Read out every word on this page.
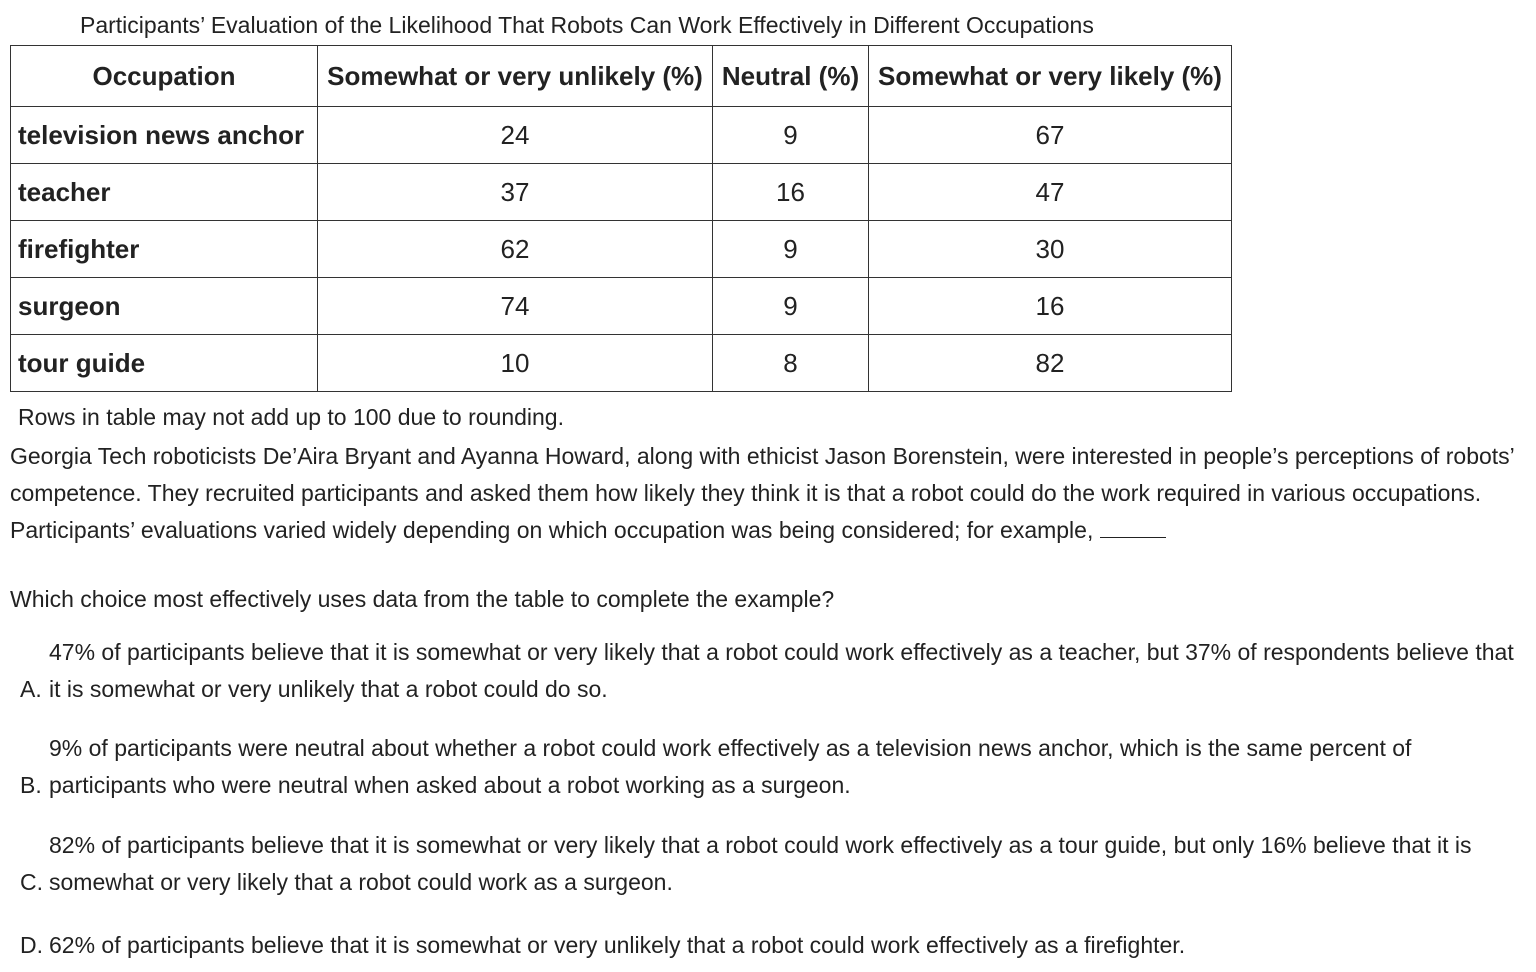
Participants’ Evaluation of the Likelihood That Robots Can Work Effectively in Different Occupations
Occupation	Somewhat or very unlikely (%)	Neutral (%)	Somewhat or very likely (%)
television news anchor	24	9	67
teacher	37	16	47
firefighter	62	9	30
surgeon	74	9	16
tour guide	10	8	82
Rows in table may not add up to 100 due to rounding.
Georgia Tech roboticists De’Aira Bryant and Ayanna Howard, along with ethicist Jason Borenstein, were interested in people’s perceptions of robots’ competence. They recruited participants and asked them how likely they think it is that a robot could do the work required in various occupations. Participants’ evaluations varied widely depending on which occupation was being considered; for example,
Which choice most effectively uses data from the table to complete the example?
A.
47% of participants believe that it is somewhat or very likely that a robot could work effectively as a teacher, but 37% of respondents believe that it is somewhat or very unlikely that a robot could do so.
B.
9% of participants were neutral about whether a robot could work effectively as a television news anchor, which is the same percent of participants who were neutral when asked about a robot working as a surgeon.
C.
82% of participants believe that it is somewhat or very likely that a robot could work effectively as a tour guide, but only 16% believe that it is somewhat or very likely that a robot could work as a surgeon.
D. 62% of participants believe that it is somewhat or very unlikely that a robot could work effectively as a firefighter.
